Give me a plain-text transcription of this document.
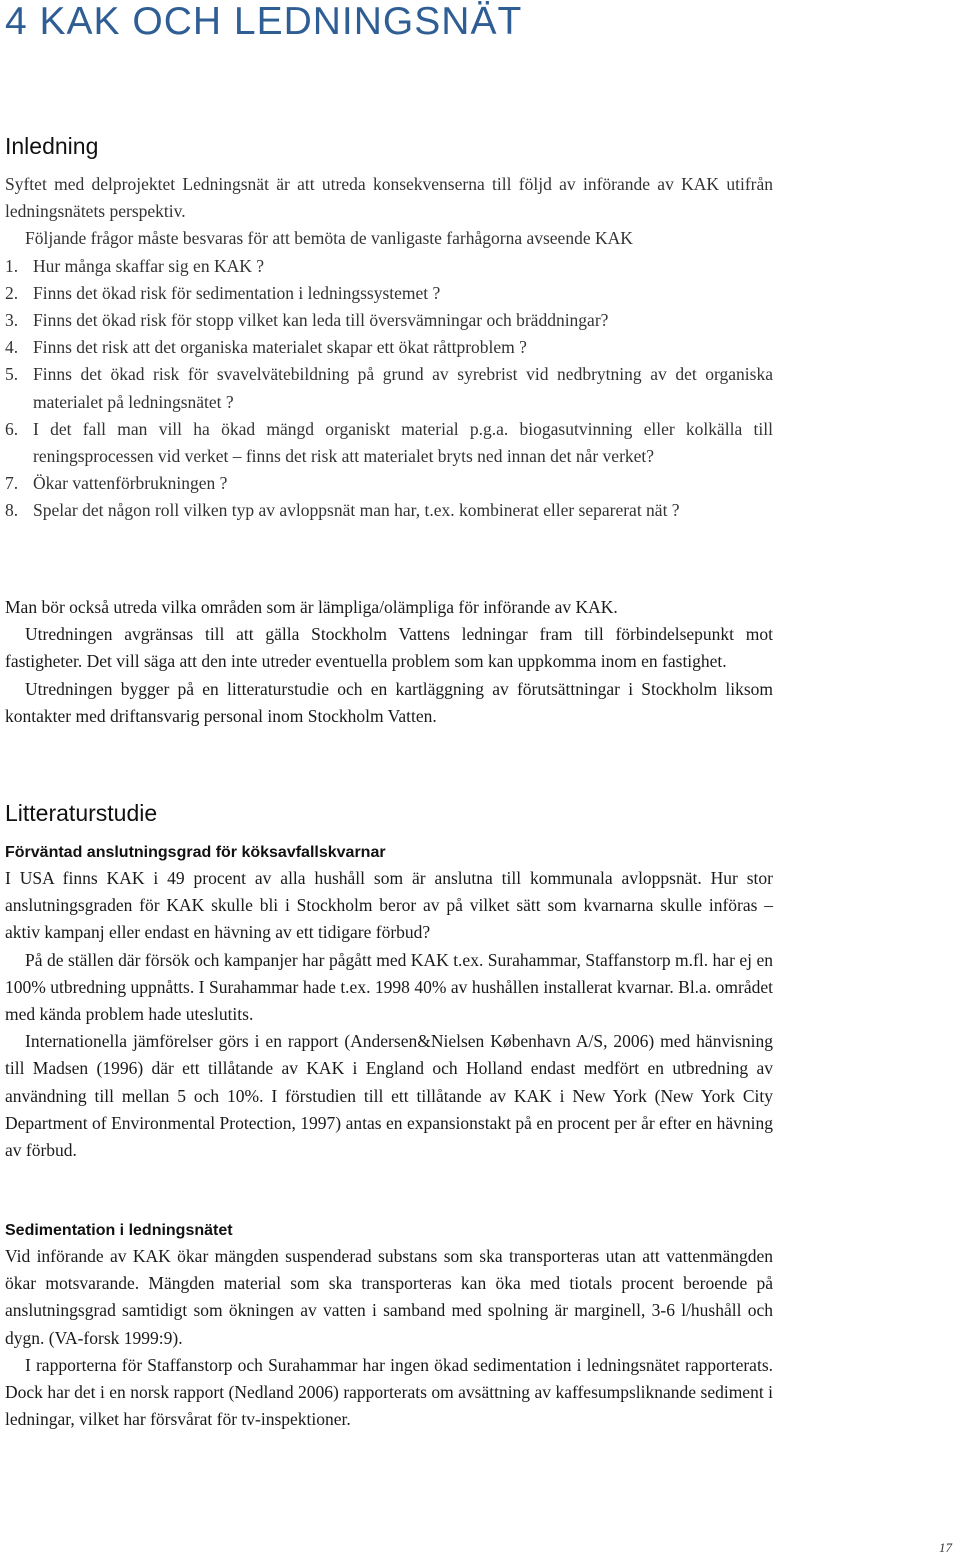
4 KAK OCH LEDNINGSNÄT
Inledning

Syftet med delprojektet Ledningsnät är att utreda konsekvenserna till följd av införande av KAK utifrån ledningsnätets perspektiv.

Följande frågor måste besvaras för att bemöta de vanligaste farhågorna avseende KAK

1. Hur många skaffar sig en KAK ?
2. Finns det ökad risk för sedimentation i ledningssystemet ?
3. Finns det ökad risk för stopp vilket kan leda till översvämningar och bräddningar?
4. Finns det risk att det organiska materialet skapar ett ökat råttproblem ?
5. Finns det ökad risk för svavelvätebildning på grund av syrebrist vid nedbrytning av det organiska materialet på ledningsnätet ?
6. I det fall man vill ha ökad mängd organiskt material p.g.a. biogasutvinning eller kolkälla till reningsprocessen vid verket – finns det risk att materialet bryts ned innan det når verket?
7. Ökar vattenförbrukningen ?
8. Spelar det någon roll vilken typ av avloppsnät man har, t.ex. kombinerat eller separerat nät ?

Man bör också utreda vilka områden som är lämpliga/olämpliga för införande av KAK.

Utredningen avgränsas till att gälla Stockholm Vattens ledningar fram till förbindelsepunkt mot fastigheter. Det vill säga att den inte utreder eventuella problem som kan uppkomma inom en fastighet.

Utredningen bygger på en litteraturstudie och en kartläggning av förutsättningar i Stockholm liksom kontakter med driftansvarig personal inom Stockholm Vatten.

Litteraturstudie
Förväntad anslutningsgrad för köksavfallskvarnar

I USA finns KAK i 49 procent av alla hushåll som är anslutna till kommunala avloppsnät. Hur stor anslutningsgraden för KAK skulle bli i Stockholm beror av på vilket sätt som kvarnarna skulle införas – aktiv kampanj eller endast en hävning av ett tidigare förbud?

På de ställen där försök och kampanjer har pågått med KAK t.ex. Surahammar, Staffanstorp m.fl. har ej en 100% utbredning uppnåtts. I Surahammar hade t.ex. 1998 40% av hushållen installerat kvarnar. Bl.a. området med kända problem hade uteslutits.

Internationella jämförelser görs i en rapport (Andersen&Nielsen København A/S, 2006) med hänvisning till Madsen (1996) där ett tillåtande av KAK i England och Holland endast medfört en utbredning av användning till mellan 5 och 10%. I förstudien till ett tillåtande av KAK i New York (New York City Department of Environmental Protection, 1997) antas en expansionstakt på en procent per år efter en hävning av förbud.

Sedimentation i ledningsnätet

Vid införande av KAK ökar mängden suspenderad substans som ska transporteras utan att vattenmängden ökar motsvarande. Mängden material som ska transporteras kan öka med tiotals procent beroende på anslutningsgrad samtidigt som ökningen av vatten i samband med spolning är marginell, 3-6 l/hushåll och dygn. (VA-forsk 1999:9).

I rapporterna för Staffanstorp och Surahammar har ingen ökad sedimentation i ledningsnätet rapporterats. Dock har det i en norsk rapport (Nedland 2006) rapporterats om avsättning av kaffesumpsliknande sediment i ledningar, vilket har försvårat för tv-inspektioner.

17
